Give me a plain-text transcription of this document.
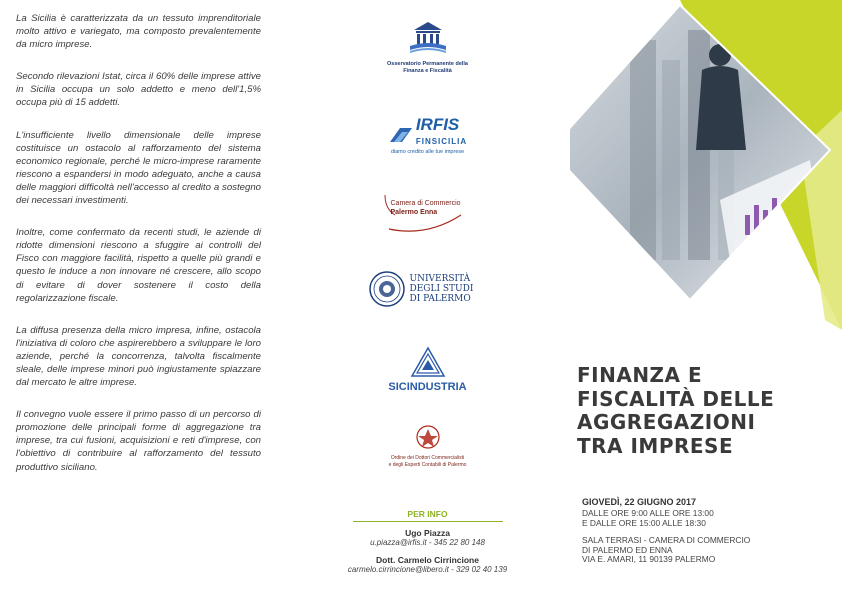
La Sicilia è caratterizzata da un tessuto imprenditoriale molto attivo e variegato, ma composto prevalentemente da micro imprese.

Secondo rilevazioni Istat, circa il 60% delle imprese attive in Sicilia occupa un solo addetto e meno dell'1,5% occupa più di 15 addetti.

L'insufficiente livello dimensionale delle imprese costituisce un ostacolo al rafforzamento del sistema economico regionale, perché le micro-imprese raramente riescono a espandersi in modo adeguato, anche a causa delle maggiori difficoltà nell'accesso al credito a sostegno dei necessari investimenti.

Inoltre, come confermato da recenti studi, le aziende di ridotte dimensioni riescono a sfuggire ai controlli del Fisco con maggiore facilità, rispetto a quelle più grandi e questo le induce a non innovare né crescere, allo scopo di evitare di dover sostenere il costo della regolarizzazione fiscale.

La diffusa presenza della micro impresa, infine, ostacola l'iniziativa di coloro che aspirerebbero a sviluppare le loro aziende, perché la concorrenza, talvolta fiscalmente sleale, delle imprese minori può ingiustamente spiazzare dal mercato le altre imprese.

Il convegno vuole essere il primo passo di un percorso di promozione delle principali forme di aggregazione tra imprese, tra cui fusioni, acquisizioni e reti d'imprese, con l'obiettivo di contribuire al rafforzamento del tessuto produttivo siciliano.

Osservatorio Permanente della Finanza e Fiscalità
IRFIS
FINSICILIA
diamo credito alle tue imprese
Camera di Commercio
Palermo Enna
UNIVERSITÀ
DEGLI STUDI
DI PALERMO
SICINDUSTRIA
Ordine dei Dottori Commercialisti
e degli Esperti Contabili di Palermo
PER INFO
Ugo Piazza
u.piazza@irfis.it - 345 22 80 148
Dott. Carmelo Cirrincione
carmelo.cirrincione@libero.it - 329 02 40 139
FINANZA E
FISCALITÀ DELLE
AGGREGAZIONI
TRA IMPRESE
GIOVEDÌ, 22 GIUGNO 2017
DALLE ORE 9:00 ALLE ORE 13:00
E DALLE ORE 15:00 ALLE 18:30
SALA TERRASI - CAMERA DI COMMERCIO
DI PALERMO ED ENNA
VIA E. AMARI, 11 90139 PALERMO
